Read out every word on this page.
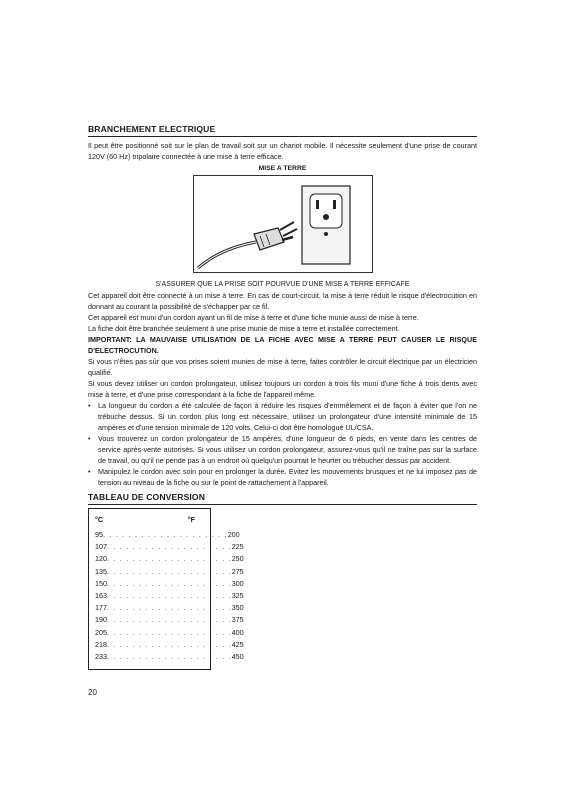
BRANCHEMENT ELECTRIQUE

Il peut être positionné soit sur le plan de travail soit sur un chariot mobile. Il nécessite seulement d'une prise de courant 120V (60 Hz) tripolaire connectée à une mise à terre efficace.

MISE A TERRE
S'ASSURER QUE LA PRISE SOIT POURVUE D'UNE MISE A TERRE EFFICAFE

Cet appareil doit être connecté à un mise à terre. En cas de court-circuit, la mise à terre réduit le risque d'électrocution en donnant au courant la possibilité de s'échapper par ce fil.

Cet appareil est muni d'un cordon ayant un fil de mise à terre et d'une fiche munie aussi de mise à terre.

La fiche doit être branchée seulement à une prise munie de mise à terre et installée correctement.

IMPORTANT: LA MAUVAISE UTILISATION DE LA FICHE AVEC MISE A TERRE PEUT CAUSER LE RISQUE D'ELECTROCUTION.

Si vous n'êtes pas sûr que vos prises soient munies de mise à terre, faites contrôler le circuit électrique par un électricien qualifié.

Si vous devez utiliser un cordon prolongateur, utilisez toujours un cordon à trois fils muni d'une fiche à trois dents avec mise à terre, et d'une prise correspondant à la fiche de l'appareil même.

• La longueur du cordon a été calculée de façon à réduire les risques d'emmêlement et de façon à éviter que l'on ne trébuche dessus. Si un cordon plus long est nécessaire, utilisez un prolongateur d'une intensité minimale de 15 ampères et d'une tension minimale de 120 volts. Celui-ci doit être homologué UL/CSA.
• Vous trouverez un cordon prolongateur de 15 ampères, d'une longueur de 6 pieds, en vente dans les centres de service après-vente autorisés. Si vous utilisez un cordon prolongateur, assurez-vous qu'il ne traîne pas sur la surface de travail, ou qu'il ne pende pas à un endroit où quelqu'un pourrait le heurter ou trébucher dessus par accident.
• Manipulez le cordon avec soin pour en prolonger la durée. Evitez les mouvements brusques et ne lui imposez pas de tension au niveau de la fiche ou sur le point de rattachement à l'appareil.
TABLEAU DE CONVERSION
°C	°F
95 . . . . . . . . . . . . . . . . . . . . 200
107 . . . . . . . . . . . . . . . . . . . . 225
120 . . . . . . . . . . . . . . . . . . . . 250
135 . . . . . . . . . . . . . . . . . . . . 275
150 . . . . . . . . . . . . . . . . . . . . 300
163 . . . . . . . . . . . . . . . . . . . . 325
177 . . . . . . . . . . . . . . . . . . . . 350
190 . . . . . . . . . . . . . . . . . . . . 375
205 . . . . . . . . . . . . . . . . . . . . 400
218 . . . . . . . . . . . . . . . . . . . . 425
233 . . . . . . . . . . . . . . . . . . . . 450
20
